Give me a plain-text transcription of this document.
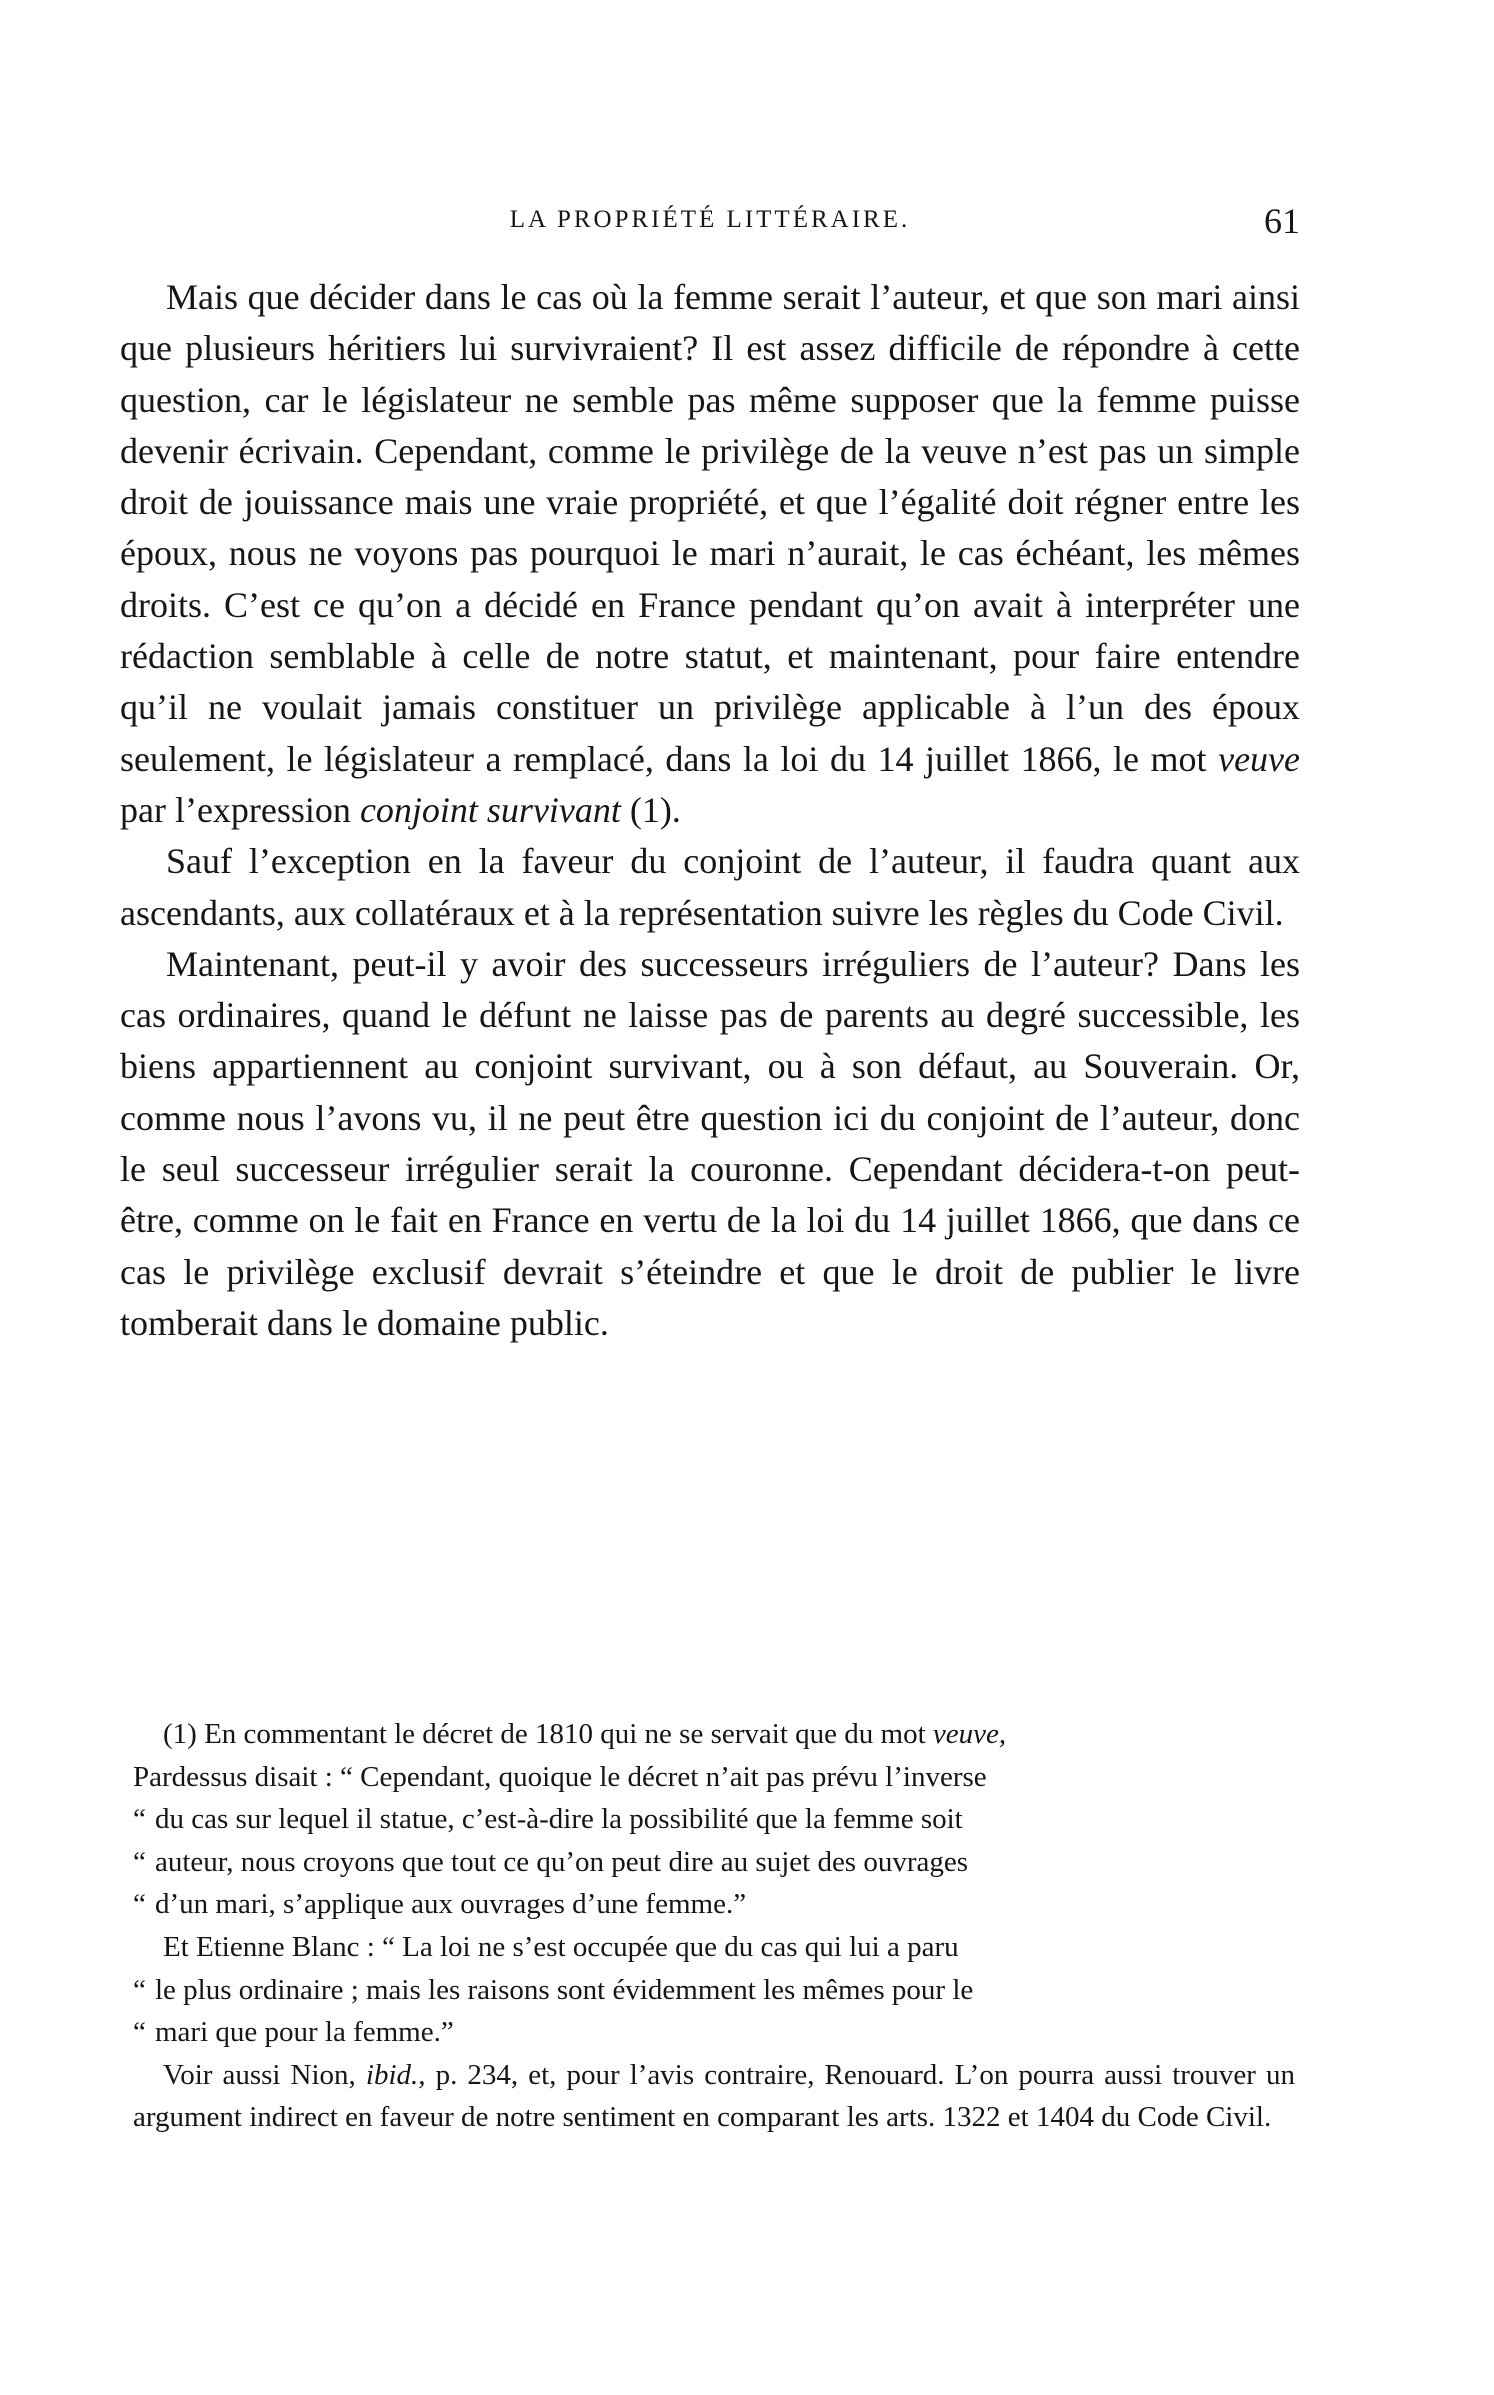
LA PROPRIÉTÉ LITTÉRAIRE.	61

Mais que décider dans le cas où la femme serait l’auteur, et que son mari ainsi que plusieurs héritiers lui survivraient? Il est assez difficile de répondre à cette question, car le législateur ne semble pas même supposer que la femme puisse devenir écrivain. Cependant, comme le privilège de la veuve n’est pas un simple droit de jouissance mais une vraie propriété, et que l’égalité doit régner entre les époux, nous ne voyons pas pourquoi le mari n’aurait, le cas échéant, les mêmes droits. C’est ce qu’on a décidé en France pendant qu’on avait à interpréter une rédaction semblable à celle de notre statut, et maintenant, pour faire entendre qu’il ne voulait jamais constituer un privilège applicable à l’un des époux seulement, le législateur a remplacé, dans la loi du 14 juillet 1866, le mot veuve par l’expression conjoint survivant (1).

Sauf l’exception en la faveur du conjoint de l’auteur, il faudra quant aux ascendants, aux collatéraux et à la représentation suivre les règles du Code Civil.

Maintenant, peut-il y avoir des successeurs irréguliers de l’auteur? Dans les cas ordinaires, quand le défunt ne laisse pas de parents au degré successible, les biens appartiennent au conjoint survivant, ou à son défaut, au Souverain. Or, comme nous l’avons vu, il ne peut être question ici du conjoint de l’auteur, donc le seul successeur irrégulier serait la couronne. Cependant décidera-t-on peut-être, comme on le fait en France en vertu de la loi du 14 juillet 1866, que dans ce cas le privilège exclusif devrait s’éteindre et que le droit de publier le livre tomberait dans le domaine public.

(1) En commentant le décret de 1810 qui ne se servait que du mot veuve,

Pardessus disait : “ Cependant, quoique le décret n’ait pas prévu l’inverse

“ du cas sur lequel il statue, c’est-à-dire la possibilité que la femme soit

“ auteur, nous croyons que tout ce qu’on peut dire au sujet des ouvrages

“ d’un mari, s’applique aux ouvrages d’une femme.”

Et Etienne Blanc : “ La loi ne s’est occupée que du cas qui lui a paru

“ le plus ordinaire ; mais les raisons sont évidemment les mêmes pour le

“ mari que pour la femme.”

Voir aussi Nion, ibid., p. 234, et, pour l’avis contraire, Renouard. L’on pourra aussi trouver un argument indirect en faveur de notre sentiment en comparant les arts. 1322 et 1404 du Code Civil.
